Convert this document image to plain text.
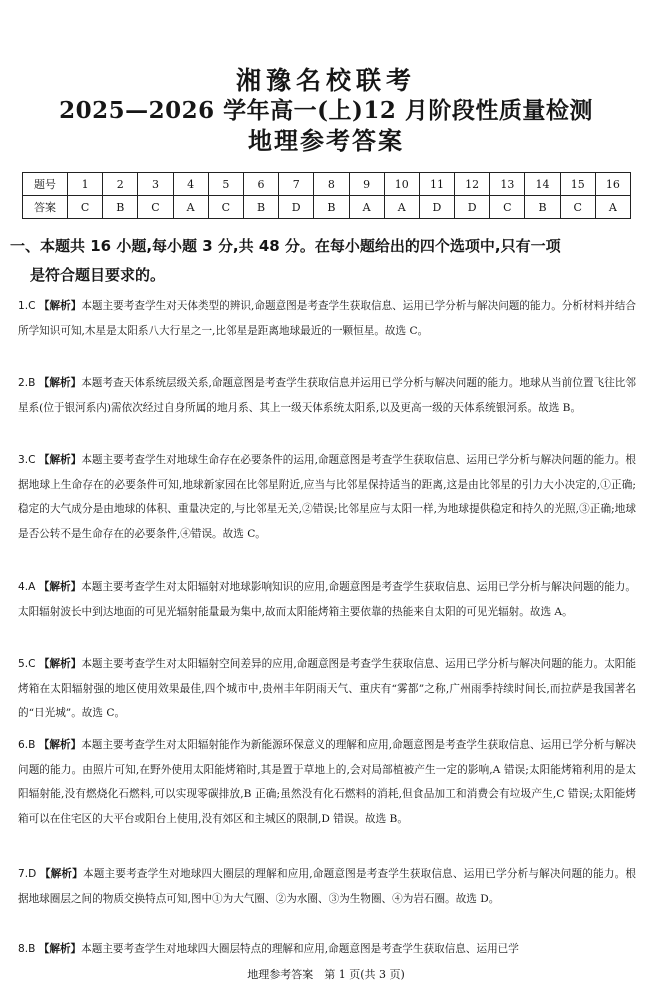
湘豫名校联考
2025—2026 学年高一(上)12 月阶段性质量检测
地理参考答案
题号	1	2	3	4	5	6	7	8	9	10	11	12	13	14	15	16
答案	C	B	C	A	C	B	D	B	A	A	D	D	C	B	C	A
一、本题共 16 小题,每小题 3 分,共 48 分。在每小题给出的四个选项中,只有一项
是符合题目要求的。
1.C 【解析】本题主要考查学生对天体类型的辨识,命题意图是考查学生获取信息、运用已学分析与解决问题的能力。分析材料并结合所学知识可知,木星是太阳系八大行星之一,比邻星是距离地球最近的一颗恒星。故选 C。
2.B 【解析】本题考查天体系统层级关系,命题意图是考查学生获取信息并运用已学分析与解决问题的能力。地球从当前位置飞往比邻星系(位于银河系内)需依次经过自身所属的地月系、其上一级天体系统太阳系,以及更高一级的天体系统银河系。故选 B。
3.C 【解析】本题主要考查学生对地球生命存在必要条件的运用,命题意图是考查学生获取信息、运用已学分析与解决问题的能力。根据地球上生命存在的必要条件可知,地球新家园在比邻星附近,应当与比邻星保持适当的距离,这是由比邻星的引力大小决定的,①正确;稳定的大气成分是由地球的体积、重量决定的,与比邻星无关,②错误;比邻星应与太阳一样,为地球提供稳定和持久的光照,③正确;地球是否公转不是生命存在的必要条件,④错误。故选 C。
4.A 【解析】本题主要考查学生对太阳辐射对地球影响知识的应用,命题意图是考查学生获取信息、运用已学分析与解决问题的能力。太阳辐射波长中到达地面的可见光辐射能量最为集中,故而太阳能烤箱主要依靠的热能来自太阳的可见光辐射。故选 A。
5.C 【解析】本题主要考查学生对太阳辐射空间差异的应用,命题意图是考查学生获取信息、运用已学分析与解决问题的能力。太阳能烤箱在太阳辐射强的地区使用效果最佳,四个城市中,贵州丰年阴雨天气、重庆有“雾都”之称,广州雨季持续时间长,而拉萨是我国著名的“日光城”。故选 C。
6.B 【解析】本题主要考查学生对太阳辐射能作为新能源环保意义的理解和应用,命题意图是考查学生获取信息、运用已学分析与解决问题的能力。由照片可知,在野外使用太阳能烤箱时,其是置于草地上的,会对局部植被产生一定的影响,A 错误;太阳能烤箱利用的是太阳辐射能,没有燃烧化石燃料,可以实现零碳排放,B 正确;虽然没有化石燃料的消耗,但食品加工和消费会有垃圾产生,C 错误;太阳能烤箱可以在住宅区的大平台或阳台上使用,没有郊区和主城区的限制,D 错误。故选 B。
7.D 【解析】本题主要考查学生对地球四大圈层的理解和应用,命题意图是考查学生获取信息、运用已学分析与解决问题的能力。根据地球圈层之间的物质交换特点可知,图中①为大气圈、②为水圈、③为生物圈、④为岩石圈。故选 D。
8.B 【解析】本题主要考查学生对地球四大圈层特点的理解和应用,命题意图是考查学生获取信息、运用已学
地理参考答案　第 1 页(共 3 页)
